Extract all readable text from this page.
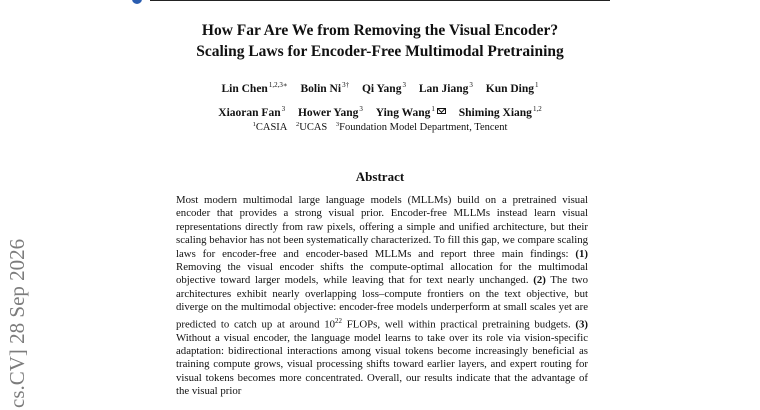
How Far Are We from Removing the Visual Encoder?
Scaling Laws for Encoder-Free Multimodal Pretraining
Lin Chen$^{1,2,3∗}$ Bolin $Ni^{3\dagger}$ Qi Yang$^3$ Lan Jiang$^3$ Kun Ding$^1$
Xiaoran Fan$^3$ Hower Yang$^3$ Ying Wang$^1$ Shiming Xiang$^{1,2}$
$^1$CASIA $^2$UCAS $^3$Foundation Model Department, Tencent
Abstract

Most modern multimodal large language models (MLLMs) build on a pretrained visual encoder that provides a strong visual prior. Encoder-free MLLMs instead learn visual representations directly from raw pixels, offering a simple and unified architecture, but their scaling behavior has not been systematically characterized. To fill this gap, we compare scaling laws for encoder-free and encoder-based MLLMs and report three main findings: (1) Removing the visual encoder shifts the compute-optimal allocation for the multimodal objective toward larger models, while leaving that for text nearly unchanged. (2) The two architectures exhibit nearly overlapping loss–compute frontiers on the text objective, but diverge on the multimodal objective: encoder-free models underperform at small scales yet are predicted to catch up at around $10^{22}$ FLOPs, well within practical pretraining budgets. (3) Without a visual encoder, the language model learns to take over its role via vision-specific adaptation: bidirectional interactions among visual tokens become increasingly beneficial as training compute grows, visual processing shifts toward earlier layers, and expert routing for visual tokens becomes more concentrated. Overall, our results indicate that the advantage of the visual prior

cs.CV] 28 Sep 2026
